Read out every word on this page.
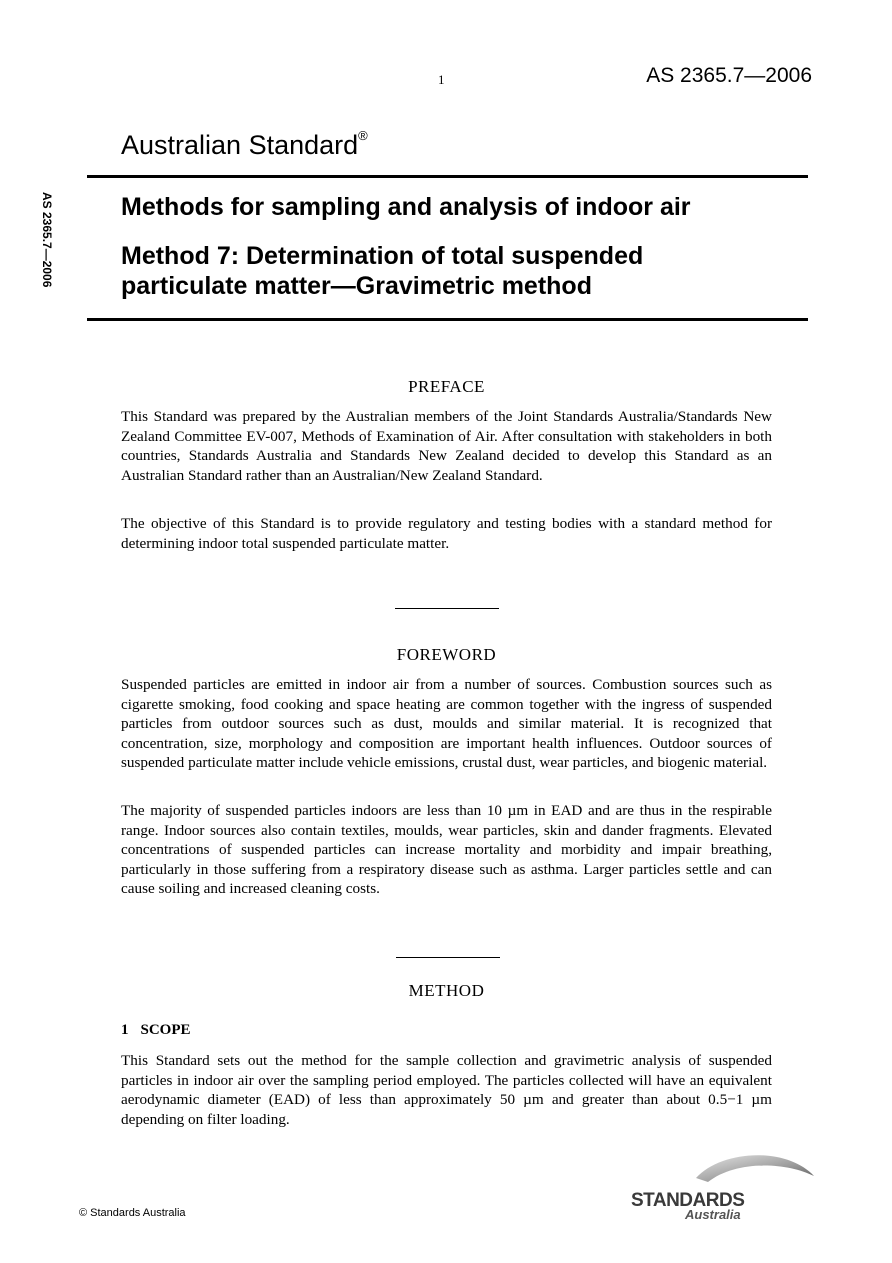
1	AS 2365.7—2006
Australian Standard®
AS 2365.7—2006	Methods for sampling and analysis of indoor air
Method 7: Determination of total suspended particulate matter—Gravimetric method
PREFACE
This Standard was prepared by the Australian members of the Joint Standards Australia/Standards New Zealand Committee EV-007, Methods of Examination of Air. After consultation with stakeholders in both countries, Standards Australia and Standards New Zealand decided to develop this Standard as an Australian Standard rather than an Australian/New Zealand Standard.
The objective of this Standard is to provide regulatory and testing bodies with a standard method for determining indoor total suspended particulate matter.
FOREWORD
Suspended particles are emitted in indoor air from a number of sources. Combustion sources such as cigarette smoking, food cooking and space heating are common together with the ingress of suspended particles from outdoor sources such as dust, moulds and similar material. It is recognized that concentration, size, morphology and composition are important health influences. Outdoor sources of suspended particulate matter include vehicle emissions, crustal dust, wear particles, and biogenic material.
The majority of suspended particles indoors are less than 10 µm in EAD and are thus in the respirable range. Indoor sources also contain textiles, moulds, wear particles, skin and dander fragments. Elevated concentrations of suspended particles can increase mortality and morbidity and impair breathing, particularly in those suffering from a respiratory disease such as asthma. Larger particles settle and can cause soiling and increased cleaning costs.
METHOD
1 SCOPE
This Standard sets out the method for the sample collection and gravimetric analysis of suspended particles in indoor air over the sampling period employed. The particles collected will have an equivalent aerodynamic diameter (EAD) of less than approximately 50 µm and greater than about 0.5−1 µm depending on filter loading.
© Standards Australia
STANDARDS
Australia
